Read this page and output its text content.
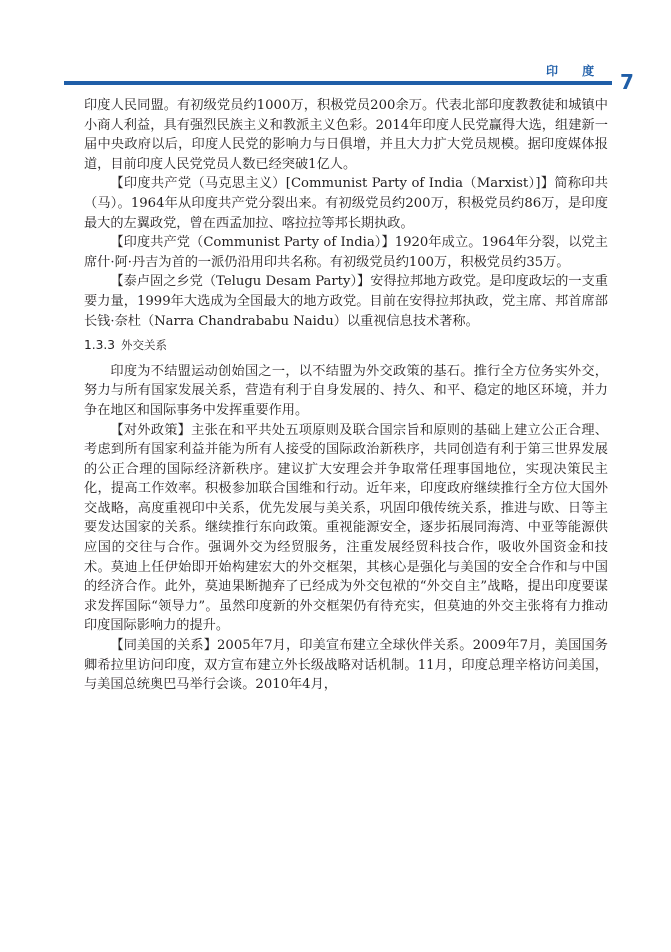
印 度 7

印度人民同盟。有初级党员约1000万，积极党员200余万。代表北部印度教教徒和城镇中小商人利益，具有强烈民族主义和教派主义色彩。2014年印度人民党赢得大选，组建新一届中央政府以后，印度人民党的影响力与日俱增，并且大力扩大党员规模。据印度媒体报道，目前印度人民党党员人数已经突破1亿人。

【印度共产党（马克思主义）[Communist Party of India（Marxist）]】简称印共（马）。1964年从印度共产党分裂出来。有初级党员约200万，积极党员约86万，是印度最大的左翼政党，曾在西孟加拉、喀拉拉等邦长期执政。

【印度共产党（Communist Party of India）】1920年成立。1964年分裂，以党主席什·阿·丹吉为首的一派仍沿用印共名称。有初级党员约100万，积极党员约35万。

【泰卢固之乡党（Telugu Desam Party）】安得拉邦地方政党。是印度政坛的一支重要力量，1999年大选成为全国最大的地方政党。目前在安得拉邦执政，党主席、邦首席部长钱·奈杜（Narra Chandrababu Naidu）以重视信息技术著称。

1.3.3 外交关系

印度为不结盟运动创始国之一，以不结盟为外交政策的基石。推行全方位务实外交，努力与所有国家发展关系，营造有利于自身发展的、持久、和平、稳定的地区环境，并力争在地区和国际事务中发挥重要作用。

【对外政策】主张在和平共处五项原则及联合国宗旨和原则的基础上建立公正合理、考虑到所有国家利益并能为所有人接受的国际政治新秩序，共同创造有利于第三世界发展的公正合理的国际经济新秩序。建议扩大安理会并争取常任理事国地位，实现决策民主化，提高工作效率。积极参加联合国维和行动。近年来，印度政府继续推行全方位大国外交战略，高度重视印中关系，优先发展与美关系，巩固印俄传统关系，推进与欧、日等主要发达国家的关系。继续推行东向政策。重视能源安全，逐步拓展同海湾、中亚等能源供应国的交往与合作。强调外交为经贸服务，注重发展经贸科技合作，吸收外国资金和技术。莫迪上任伊始即开始构建宏大的外交框架，其核心是强化与美国的安全合作和与中国的经济合作。此外，莫迪果断抛弃了已经成为外交包袱的“外交自主”战略，提出印度要谋求发挥国际“领导力”。虽然印度新的外交框架仍有待充实，但莫迪的外交主张将有力推动印度国际影响力的提升。

【同美国的关系】2005年7月，印美宣布建立全球伙伴关系。2009年7月，美国国务卿希拉里访问印度，双方宣布建立外长级战略对话机制。11月，印度总理辛格访问美国，与美国总统奥巴马举行会谈。2010年4月，
